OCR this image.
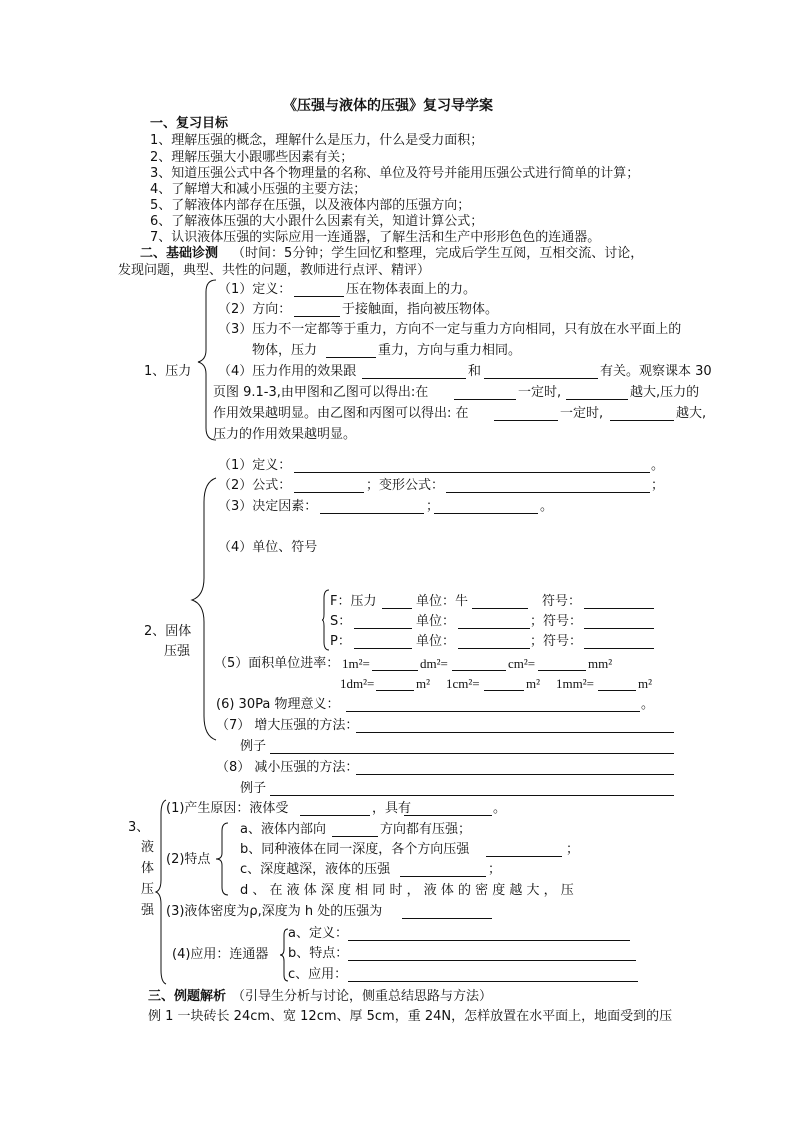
《压强与液体的压强》复习导学案
一、复习目标
1、理解压强的概念，理解什么是压力，什么是受力面积；
2、理解压强大小跟哪些因素有关；
3、知道压强公式中各个物理量的名称、单位及符号并能用压强公式进行简单的计算；
4、了解增大和减小压强的主要方法；
5、了解液体内部存在压强，以及液体内部的压强方向；
6、了解液体压强的大小跟什么因素有关，知道计算公式；
7、认识液体压强的实际应用一连通器，了解生活和生产中形形色色的连通器。
二、基础诊测 （时间：5分钟；学生回忆和整理，完成后学生互阅，互相交流、讨论，
发现问题，典型、共性的问题，教师进行点评、精评）
1、压力
（1）定义：	压在物体表面上的力。
（2）方向：	于接触面，指向被压物体。
（3）压力不一定都等于重力，方向不一定与重力方向相同，只有放在水平面上的
物体，压力	重力，方向与重力相同。
（4）压力作用的效果跟	和	有关。观察课本 30
页图 9.1-3,由甲图和乙图可以得出:在	一定时,	越大,压力的
作用效果越明显。由乙图和丙图可以得出: 在	一定时,	越大,
压力的作用效果越明显。
2、固体
压强
（1）定义：	。
（2）公式：	；变形公式：	；
（3）决定因素：	；	。
（4）单位、符号
F：压力	单位：牛	符号：
S：	单位：	；符号：
P：	单位：	；符号：
（5）面积单位进率： 1m²=	dm²=	cm²=	mm²
1dm²=	m² 1cm²=	m² 1mm²=	m²
(6) 30Pa 物理意义：	。
（7） 增大压强的方法：
例子
（8） 减小压强的方法：
例子
3、
液
体
压
强
(1)产生原因：液体受	，具有	。
(2)特点
a、液体内部向	方向都有压强；
b、同种液体在同一深度，各个方向压强	；
c、深度越深，液体的压强	；
d 、 在 液 体 深 度 相 同 时 ， 液 体 的 密 度 越 大 ， 压
(3)液体密度为ρ,深度为 h 处的压强为
(4)应用：连通器
a、定义：
b、特点：
c、应用：
三、例题解析 （引导生分析与讨论，侧重总结思路与方法）
例 1 一块砖长 24cm、宽 12cm、厚 5cm，重 24N，怎样放置在水平面上，地面受到的压
